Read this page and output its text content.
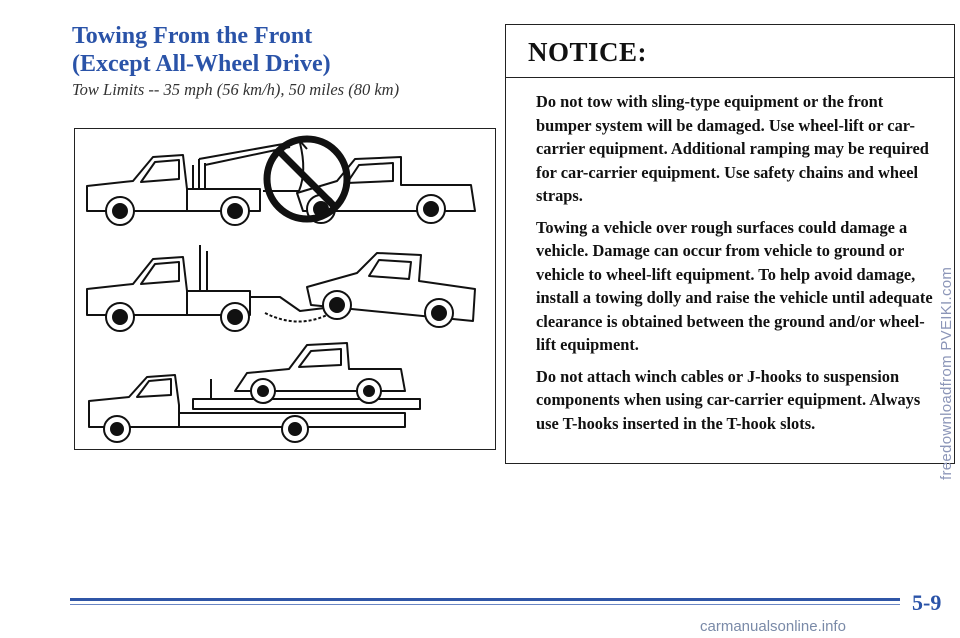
Towing From the Front
(Except All-Wheel Drive)

Tow Limits -- 35 mph (56 km/h), 50 miles (80 km)

NOTICE:

Do not tow with sling-type equipment or the front bumper system will be damaged. Use wheel-lift or car-carrier equipment. Additional ramping may be required for car-carrier equipment. Use safety chains and wheel straps.

Towing a vehicle over rough surfaces could damage a vehicle. Damage can occur from vehicle to ground or vehicle to wheel-lift equipment. To help avoid damage, install a towing dolly and raise the vehicle until adequate clearance is obtained between the ground and/or wheel-lift equipment.

Do not attach winch cables or J-hooks to suspension components when using car-carrier equipment. Always use T-hooks inserted in the T-hook slots.	freedownloadfrom PVEIKI.com
5-9
carmanualsonline.info
